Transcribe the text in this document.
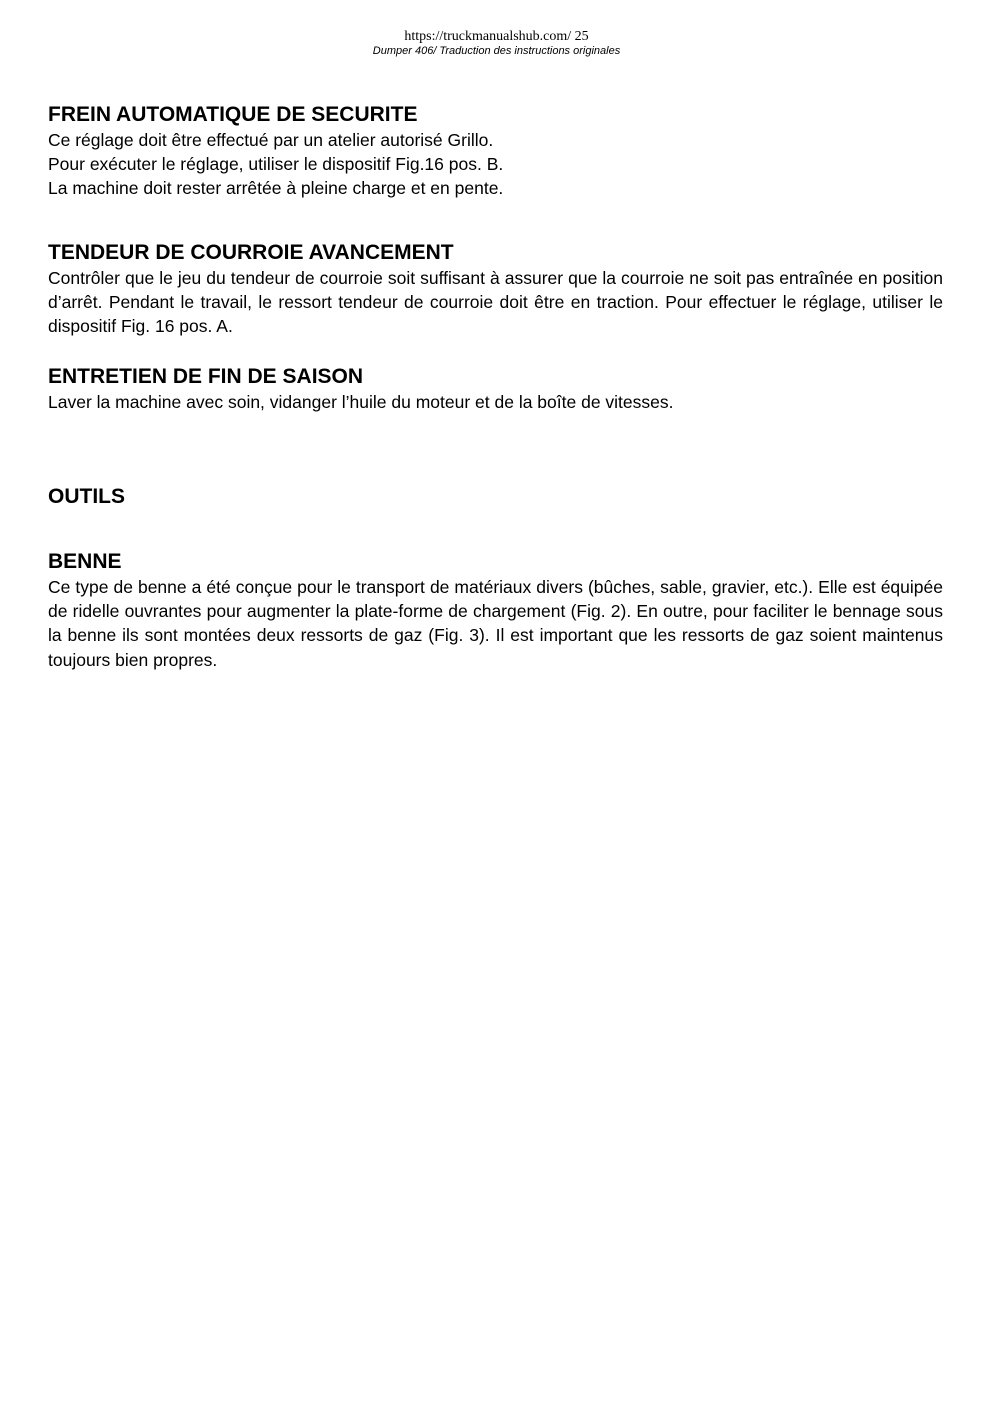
https://truckmanualshub.com/ 25
Dumper 406/ Traduction des instructions originales
FREIN AUTOMATIQUE DE SECURITE

Ce réglage doit être effectué par un atelier autorisé Grillo.
Pour exécuter le réglage, utiliser le dispositif Fig.16 pos. B.
La machine doit rester arrêtée à pleine charge et en pente.

TENDEUR DE COURROIE AVANCEMENT

Contrôler que le jeu du tendeur de courroie soit suffisant à assurer que la courroie ne soit pas entraînée en position d’arrêt. Pendant le travail, le ressort tendeur de courroie doit être en traction. Pour effectuer le réglage, utiliser le dispositif Fig. 16 pos. A.

ENTRETIEN DE FIN DE SAISON

Laver la machine avec soin, vidanger l’huile du moteur et de la boîte de vitesses.

OUTILS
BENNE

Ce type de benne a été conçue pour le transport de matériaux divers (bûches, sable, gravier, etc.). Elle est équipée de ridelle ouvrantes pour augmenter la plate-forme de chargement (Fig. 2). En outre, pour faciliter le bennage sous la benne ils sont montées deux ressorts de gaz (Fig. 3). Il est important que les ressorts de gaz soient maintenus toujours bien propres.
